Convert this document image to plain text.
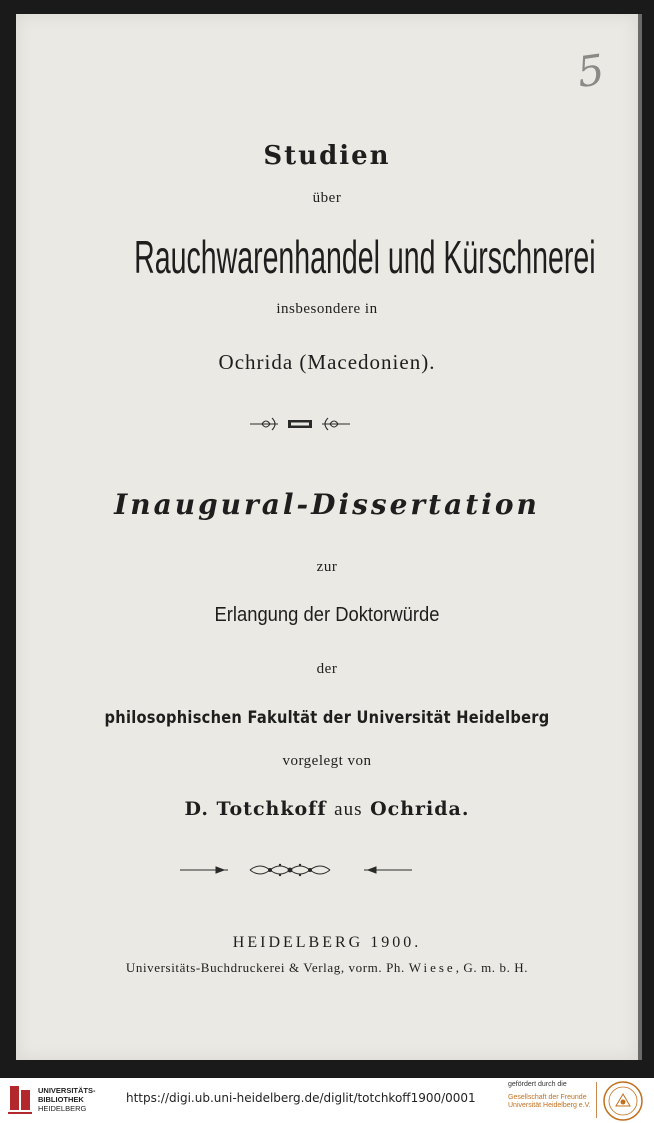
5
Studien
über
Rauchwarenhandel und Kürschnerei
insbesondere in
Ochrida (Macedonien).
Inaugural-Dissertation
zur
Erlangung der Doktorwürde
der
philosophischen Fakultät der Universität Heidelberg
vorgelegt von
D. Totchkoff aus Ochrida.
HEIDELBERG 1900.
Universitäts-Buchdruckerei & Verlag, vorm. Ph. Wiese, G. m. b. H.
UNIVERSITÄTS-
BIBLIOTHEK
HEIDELBERG
https://digi.ub.uni-heidelberg.de/diglit/totchkoff1900/0001
gefördert durch die
Gesellschaft der Freunde
Universität Heidelberg e.V.
